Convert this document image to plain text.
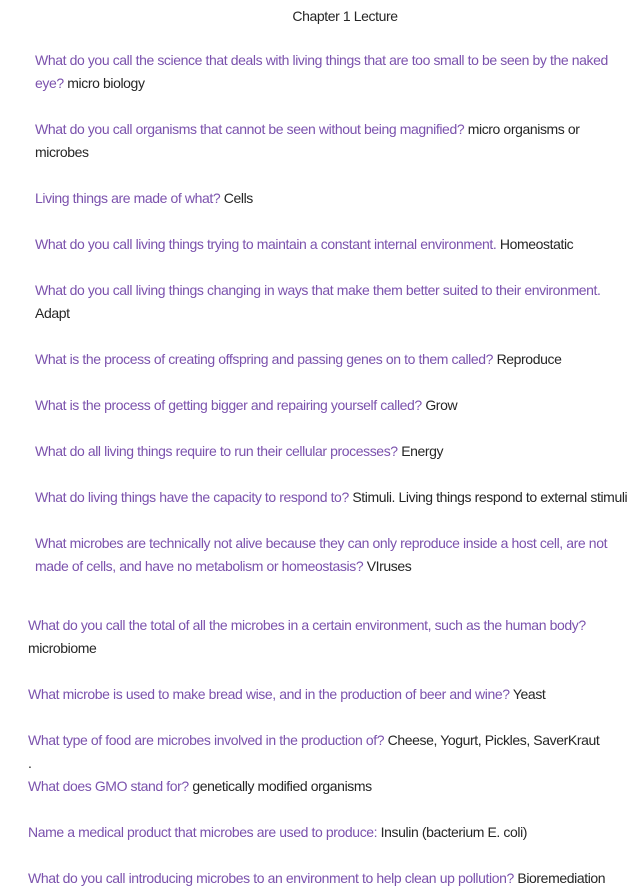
Chapter 1 Lecture
What do you call the science that deals with living things that are too small to be seen by the naked eye? micro biology
What do you call organisms that cannot be seen without being magnified? micro organisms or microbes
Living things are made of what? Cells
What do you call living things trying to maintain a constant internal environment. Homeostatic
What do you call living things changing in ways that make them better suited to their environment. Adapt
What is the process of creating offspring and passing genes on to them called? Reproduce
What is the process of getting bigger and repairing yourself called? Grow
What do all living things require to run their cellular processes? Energy
What do living things have the capacity to respond to? Stimuli. Living things respond to external stimuli
What microbes are technically not alive because they can only reproduce inside a host cell, are not made of cells, and have no metabolism or homeostasis? VIruses
What do you call the total of all the microbes in a certain environment, such as the human body?microbiome
What microbe is used to make bread wise, and in the production of beer and wine? Yeast
What type of food are microbes involved in the production of? Cheese, Yogurt, Pickles, SaverKraut
.
What does GMO stand for? genetically modified organisms
Name a medical product that microbes are used to produce: Insulin (bacterium E. coli)
What do you call introducing microbes to an environment to help clean up pollution? Bioremediation
